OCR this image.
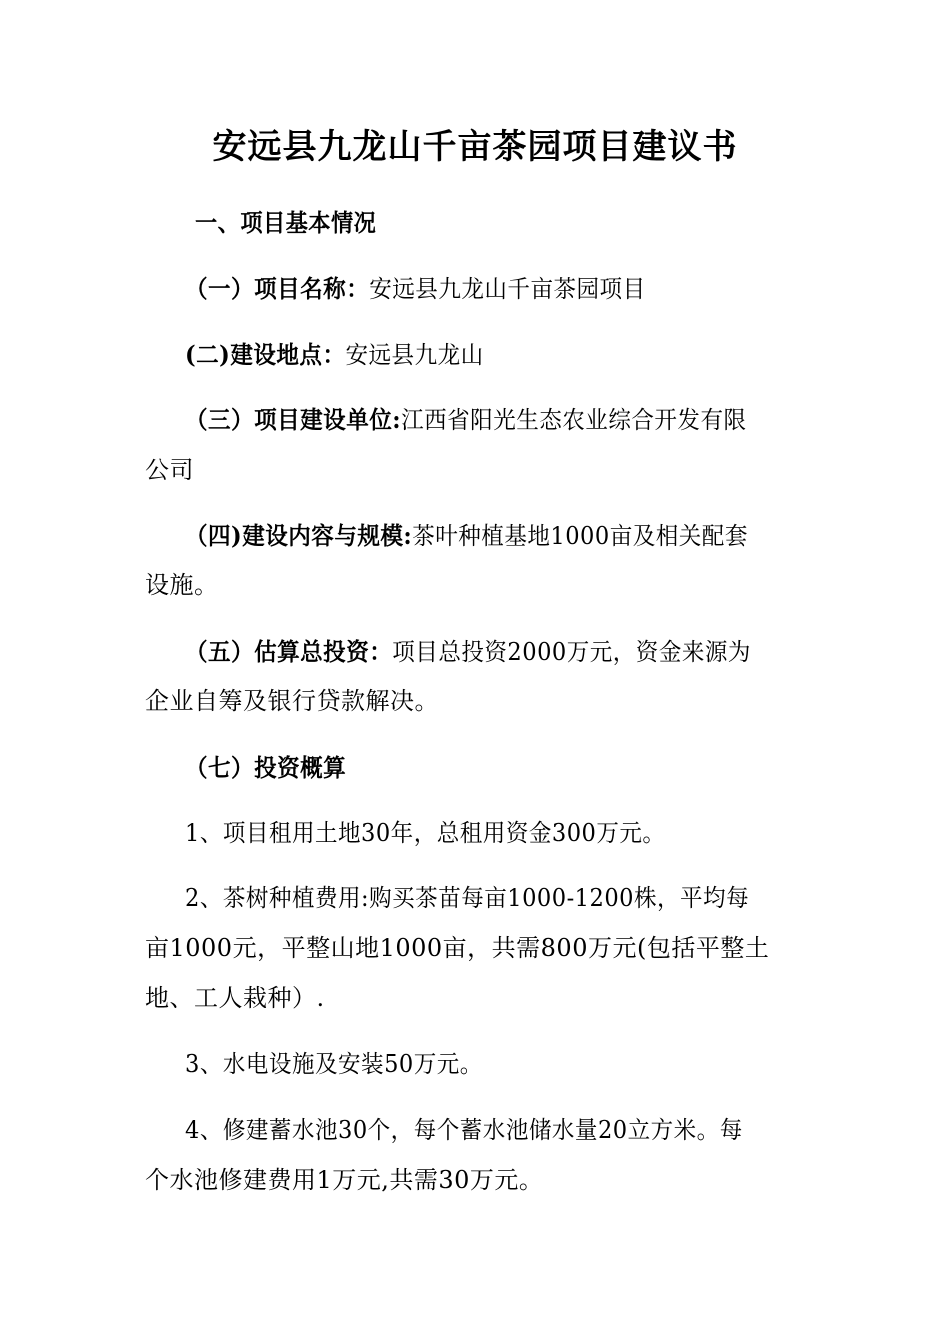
安远县九龙山千亩茶园项目建议书
一、项目基本情况
（一）项目名称：安远县九龙山千亩茶园项目
(二)建设地点：安远县九龙山
（三）项目建设单位:江西省阳光生态农业综合开发有限
公司
（四)建设内容与规模:茶叶种植基地1000亩及相关配套
设施。
（五）估算总投资：项目总投资2000万元，资金来源为
企业自筹及银行贷款解决。
（七）投资概算
1、项目租用土地30年，总租用资金300万元。
2、茶树种植费用:购买茶苗每亩1000-1200株，平均每
亩1000元，平整山地1000亩，共需800万元(包括平整土
地、工人栽种）.
3、水电设施及安装50万元。
4、修建蓄水池30个，每个蓄水池储水量20立方米。每
个水池修建费用1万元,共需30万元。
